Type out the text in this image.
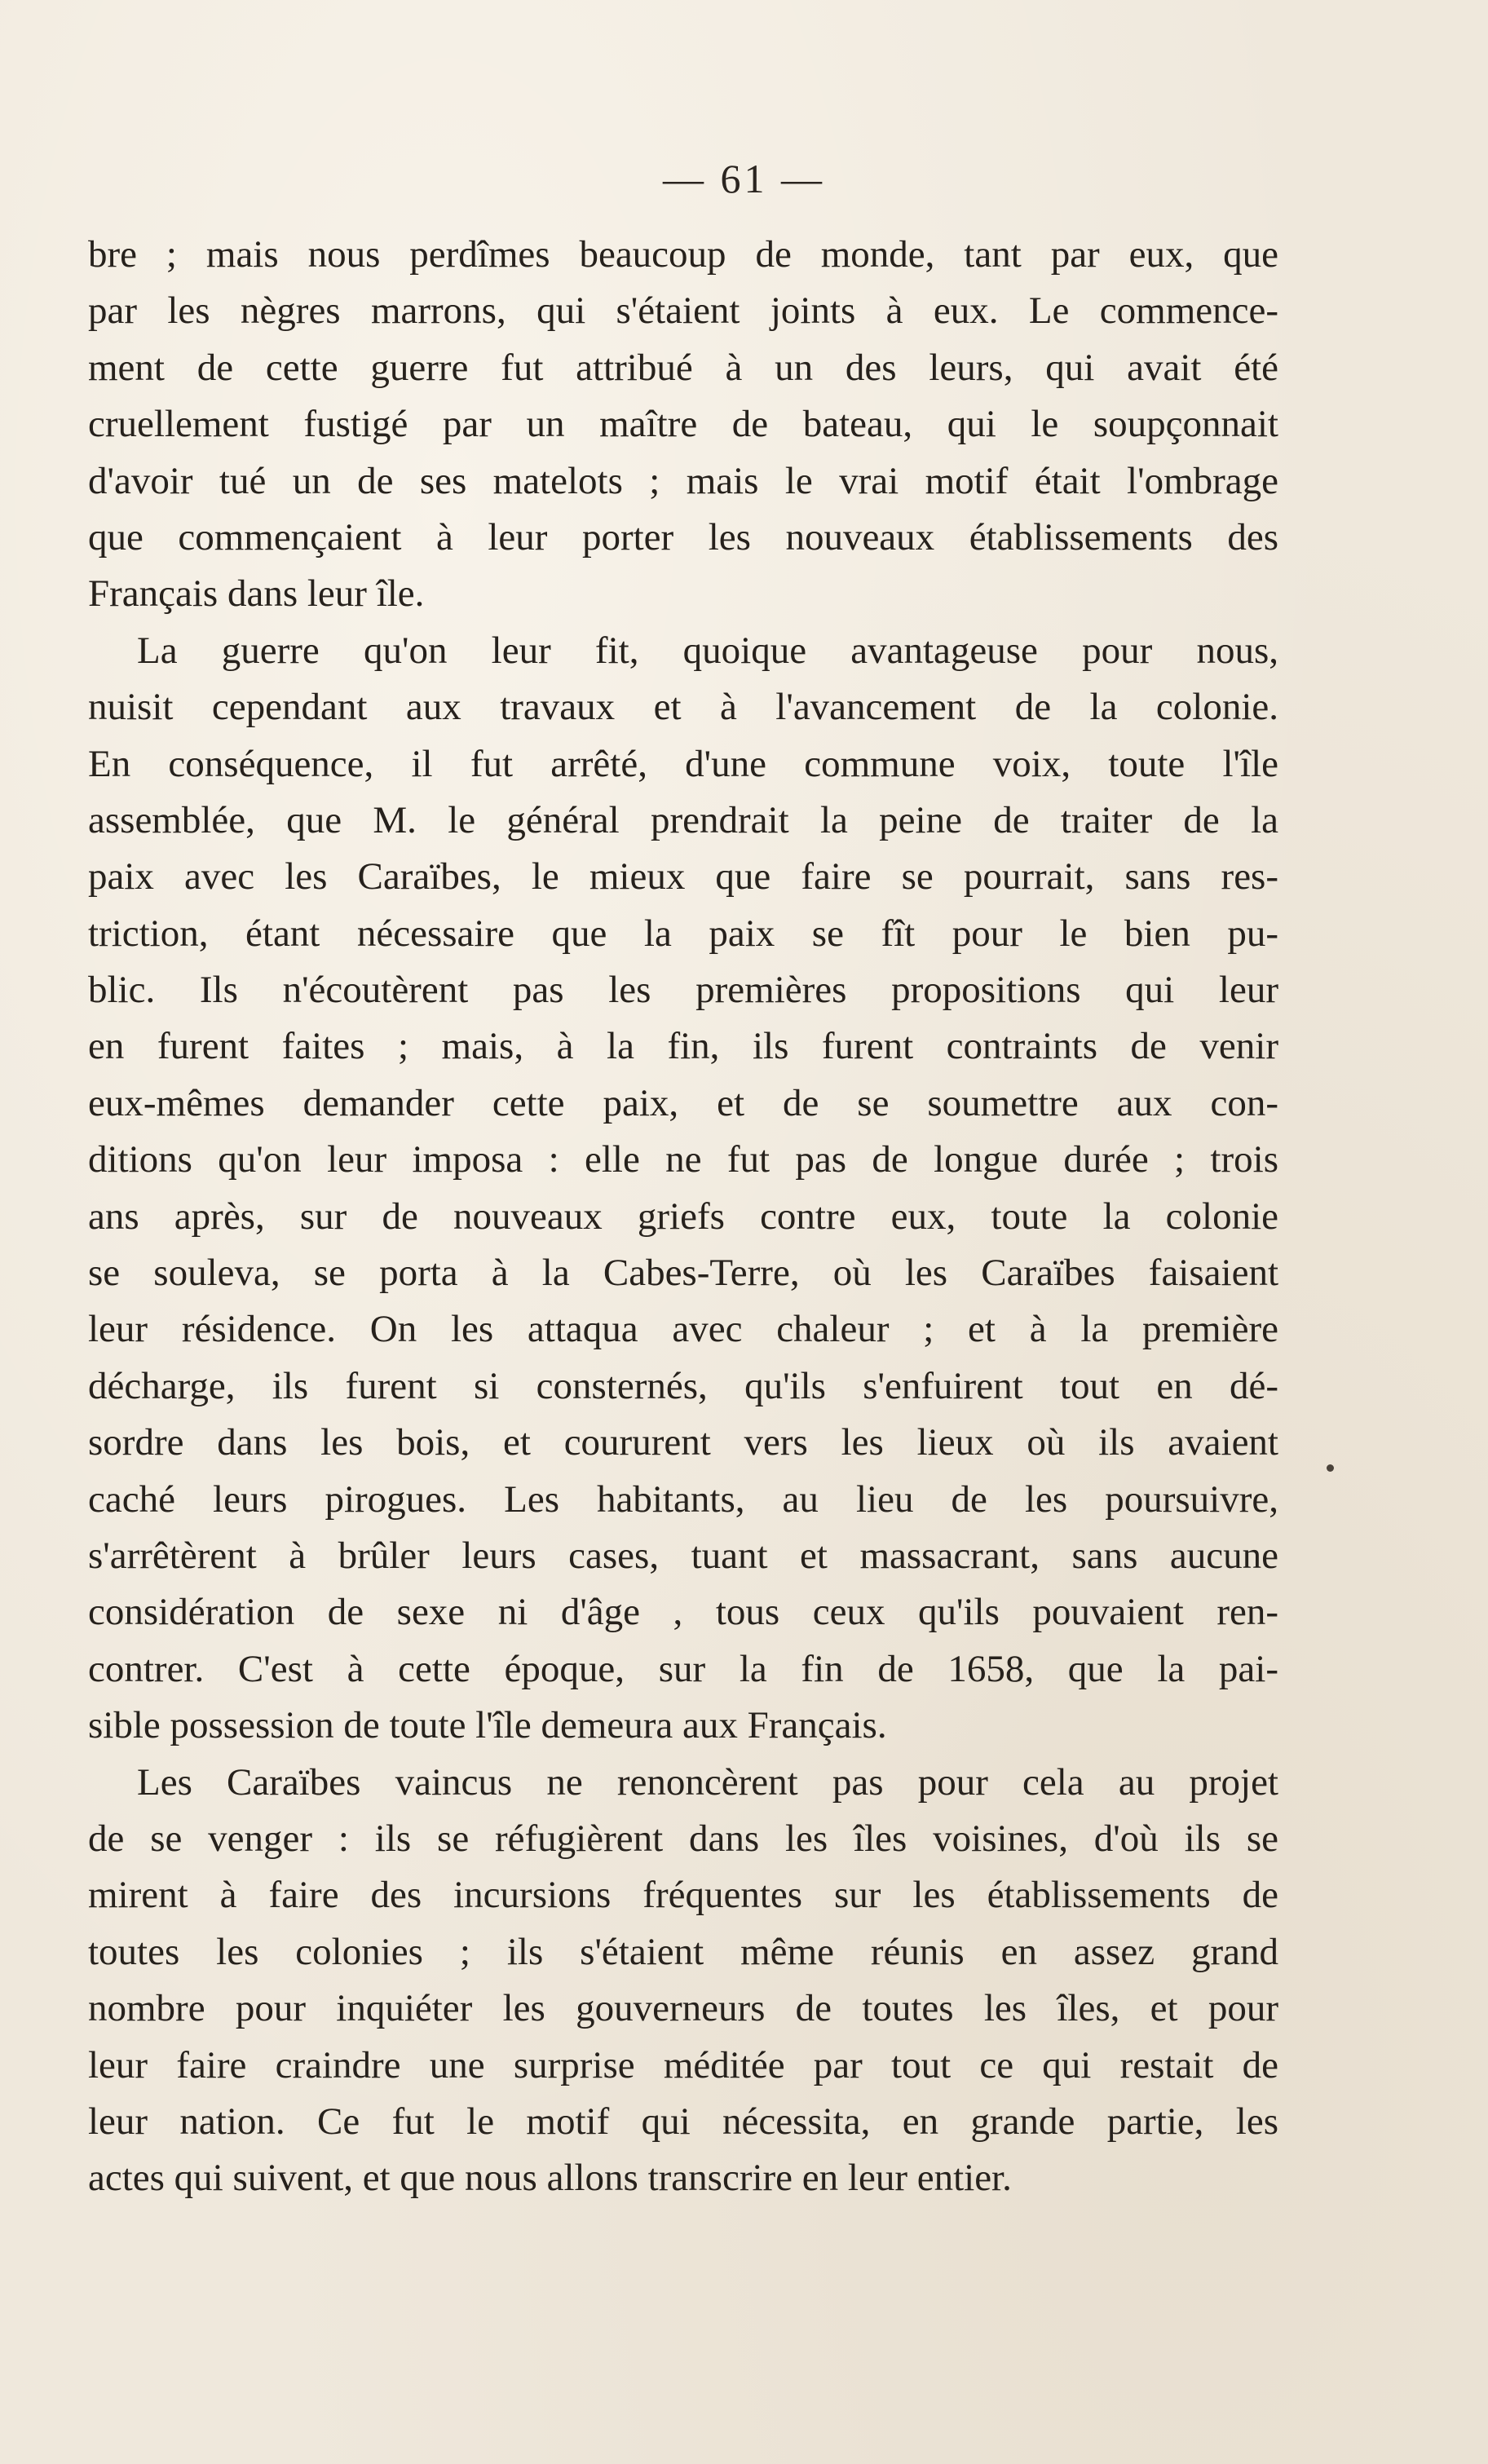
— 61 —
bre ; mais nous perdîmes beaucoup de monde, tant par eux, que
par les nègres marrons, qui s'étaient joints à eux. Le commence-
ment de cette guerre fut attribué à un des leurs, qui avait été
cruellement fustigé par un maître de bateau, qui le soupçonnait
d'avoir tué un de ses matelots ; mais le vrai motif était l'ombrage
que commençaient à leur porter les nouveaux établissements des
Français dans leur île.
La guerre qu'on leur fit, quoique avantageuse pour nous,
nuisit cependant aux travaux et à l'avancement de la colonie.
En conséquence, il fut arrêté, d'une commune voix, toute l'île
assemblée, que M. le général prendrait la peine de traiter de la
paix avec les Caraïbes, le mieux que faire se pourrait, sans res-
triction, étant nécessaire que la paix se fît pour le bien pu-
blic. Ils n'écoutèrent pas les premières propositions qui leur
en furent faites ; mais, à la fin, ils furent contraints de venir
eux-mêmes demander cette paix, et de se soumettre aux con-
ditions qu'on leur imposa : elle ne fut pas de longue durée ; trois
ans après, sur de nouveaux griefs contre eux, toute la colonie
se souleva, se porta à la Cabes-Terre, où les Caraïbes faisaient
leur résidence. On les attaqua avec chaleur ; et à la première
décharge, ils furent si consternés, qu'ils s'enfuirent tout en dé-
sordre dans les bois, et coururent vers les lieux où ils avaient
caché leurs pirogues. Les habitants, au lieu de les poursuivre,
s'arrêtèrent à brûler leurs cases, tuant et massacrant, sans aucune
considération de sexe ni d'âge , tous ceux qu'ils pouvaient ren-
contrer. C'est à cette époque, sur la fin de 1658, que la pai-
sible possession de toute l'île demeura aux Français.
Les Caraïbes vaincus ne renoncèrent pas pour cela au projet
de se venger : ils se réfugièrent dans les îles voisines, d'où ils se
mirent à faire des incursions fréquentes sur les établissements de
toutes les colonies ; ils s'étaient même réunis en assez grand
nombre pour inquiéter les gouverneurs de toutes les îles, et pour
leur faire craindre une surprise méditée par tout ce qui restait de
leur nation. Ce fut le motif qui nécessita, en grande partie, les
actes qui suivent, et que nous allons transcrire en leur entier.
